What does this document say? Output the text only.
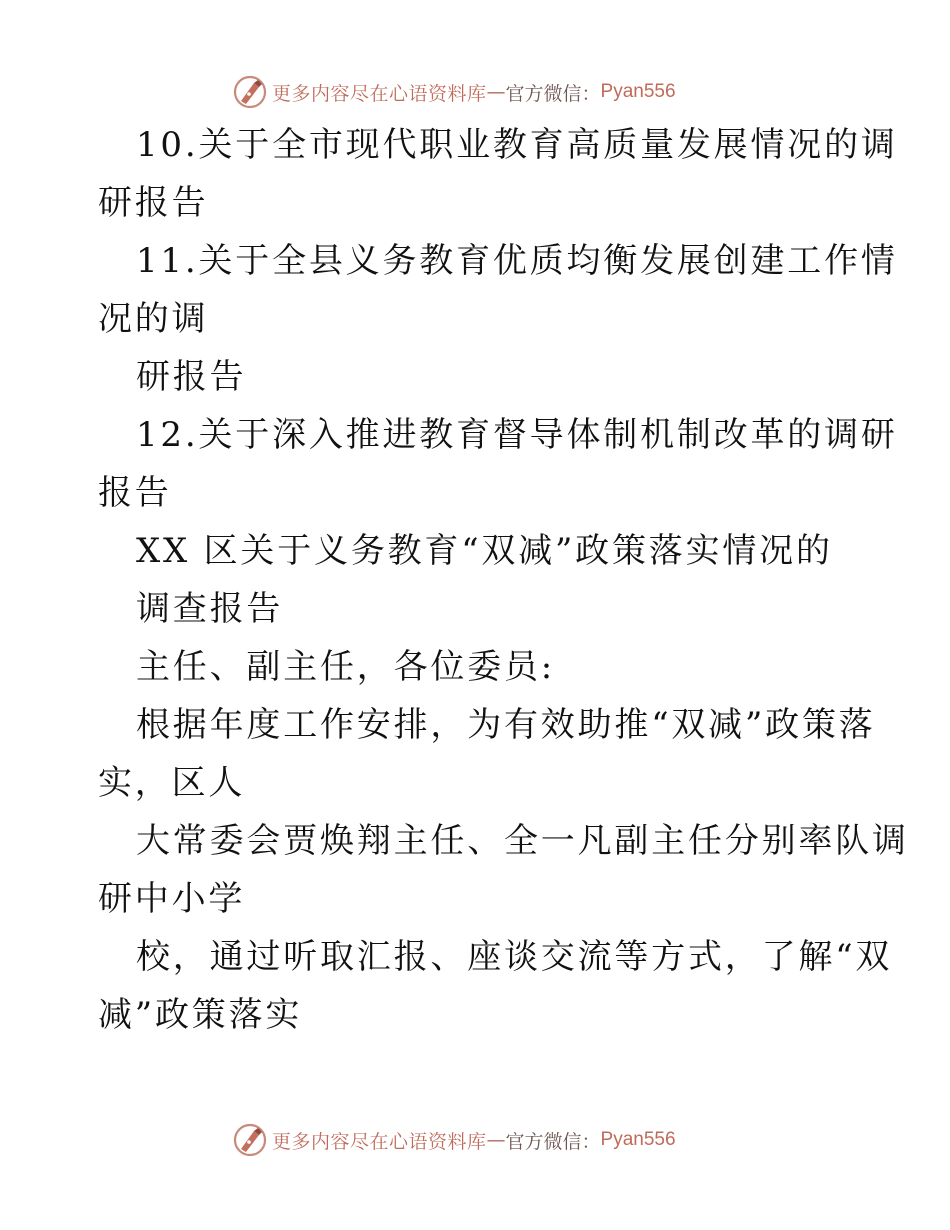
更多内容尽在心语资料库 — 官方微信： Pyan556
10.关于全市现代职业教育高质量发展情况的调
研报告
11.关于全县义务教育优质均衡发展创建工作情
况的调
研报告
12.关于深入推进教育督导体制机制改革的调研
报告
XX 区关于义务教育“双减”政策落实情况的
调查报告
主任、副主任，各位委员:
根据年度工作安排，为有效助推“双减”政策落
实，区人
大常委会贾焕翔主任、全一凡副主任分别率队调
研中小学
校，通过听取汇报、座谈交流等方式，了解“双
减”政策落实
更多内容尽在心语资料库 — 官方微信： Pyan556
